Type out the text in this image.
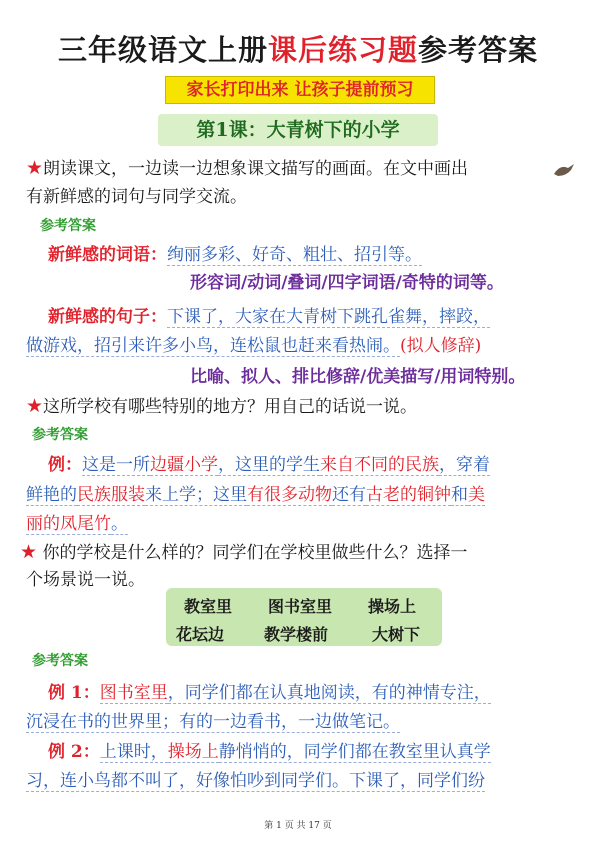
三年级语文上册课后练习题参考答案
家长打印出来 让孩子提前预习
第1课：大青树下的小学
★朗读课文，一边读一边想象课文描写的画面。在文中画出
有新鲜感的词句与同学交流。
参考答案
新鲜感的词语：绚丽多彩、好奇、粗壮、招引等。
形容词/动词/叠词/四字词语/奇特的词等。
新鲜感的句子：下课了，大家在大青树下跳孔雀舞，摔跤，
做游戏，招引来许多小鸟，连松鼠也赶来看热闹。(拟人修辞)
比喻、拟人、排比修辞/优美描写/用词特别。
★这所学校有哪些特别的地方？用自己的话说一说。
参考答案
例：这是一所边疆小学，这里的学生来自不同的民族，穿着
鲜艳的民族服装来上学；这里有很多动物还有古老的铜钟和美
丽的凤尾竹。
★ 你的学校是什么样的？同学们在学校里做些什么？选择一
个场景说一说。
教室里 图书室里 操场上
花坛边 教学楼前	大树下
参考答案
例 1：图书室里，同学们都在认真地阅读，有的神情专注，
沉浸在书的世界里；有的一边看书，一边做笔记。
例 2：上课时，操场上静悄悄的，同学们都在教室里认真学
习，连小鸟都不叫了，好像怕吵到同学们。下课了，同学们纷
第 1 页 共 17 页
